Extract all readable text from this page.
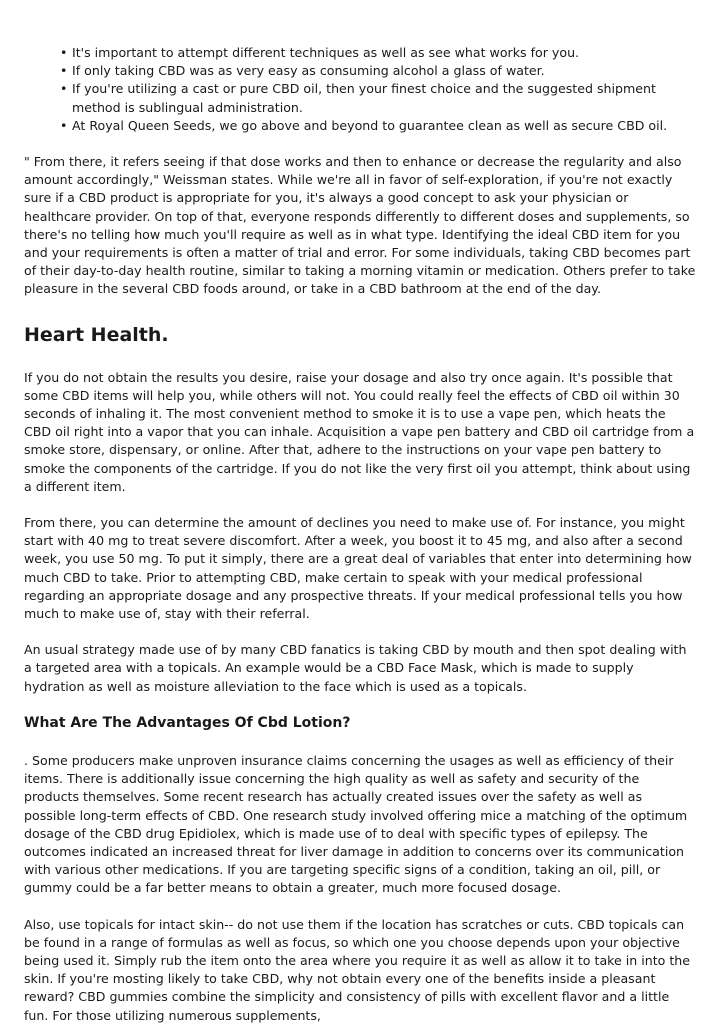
• It's important to attempt different techniques as well as see what works for you.
• If only taking CBD was as very easy as consuming alcohol a glass of water.
• If you're utilizing a cast or pure CBD oil, then your finest choice and the suggested shipment method is sublingual administration.
• At Royal Queen Seeds, we go above and beyond to guarantee clean as well as secure CBD oil.

" From there, it refers seeing if that dose works and then to enhance or decrease the regularity and also amount accordingly," Weissman states. While we're all in favor of self-exploration, if you're not exactly sure if a CBD product is appropriate for you, it's always a good concept to ask your physician or healthcare provider. On top of that, everyone responds differently to different doses and supplements, so there's no telling how much you'll require as well as in what type. Identifying the ideal CBD item for you and your requirements is often a matter of trial and error. For some individuals, taking CBD becomes part of their day-to-day health routine, similar to taking a morning vitamin or medication. Others prefer to take pleasure in the several CBD foods around, or take in a CBD bathroom at the end of the day.

Heart Health.

If you do not obtain the results you desire, raise your dosage and also try once again. It's possible that some CBD items will help you, while others will not. You could really feel the effects of CBD oil within 30 seconds of inhaling it. The most convenient method to smoke it is to use a vape pen, which heats the CBD oil right into a vapor that you can inhale. Acquisition a vape pen battery and CBD oil cartridge from a smoke store, dispensary, or online. After that, adhere to the instructions on your vape pen battery to smoke the components of the cartridge. If you do not like the very first oil you attempt, think about using a different item.

From there, you can determine the amount of declines you need to make use of. For instance, you might start with 40 mg to treat severe discomfort. After a week, you boost it to 45 mg, and also after a second week, you use 50 mg. To put it simply, there are a great deal of variables that enter into determining how much CBD to take. Prior to attempting CBD, make certain to speak with your medical professional regarding an appropriate dosage and any prospective threats. If your medical professional tells you how much to make use of, stay with their referral.

An usual strategy made use of by many CBD fanatics is taking CBD by mouth and then spot dealing with a targeted area with a topicals. An example would be a CBD Face Mask, which is made to supply hydration as well as moisture alleviation to the face which is used as a topicals.

What Are The Advantages Of Cbd Lotion?

. Some producers make unproven insurance claims concerning the usages as well as efficiency of their items. There is additionally issue concerning the high quality as well as safety and security of the products themselves. Some recent research has actually created issues over the safety as well as possible long-term effects of CBD. One research study involved offering mice a matching of the optimum dosage of the CBD drug Epidiolex, which is made use of to deal with specific types of epilepsy. The outcomes indicated an increased threat for liver damage in addition to concerns over its communication with various other medications. If you are targeting specific signs of a condition, taking an oil, pill, or gummy could be a far better means to obtain a greater, much more focused dosage.

Also, use topicals for intact skin-- do not use them if the location has scratches or cuts. CBD topicals can be found in a range of formulas as well as focus, so which one you choose depends upon your objective being used it. Simply rub the item onto the area where you require it as well as allow it to take in into the skin. If you're mosting likely to take CBD, why not obtain every one of the benefits inside a pleasant reward? CBD gummies combine the simplicity and consistency of pills with excellent flavor and a little fun. For those utilizing numerous supplements,
